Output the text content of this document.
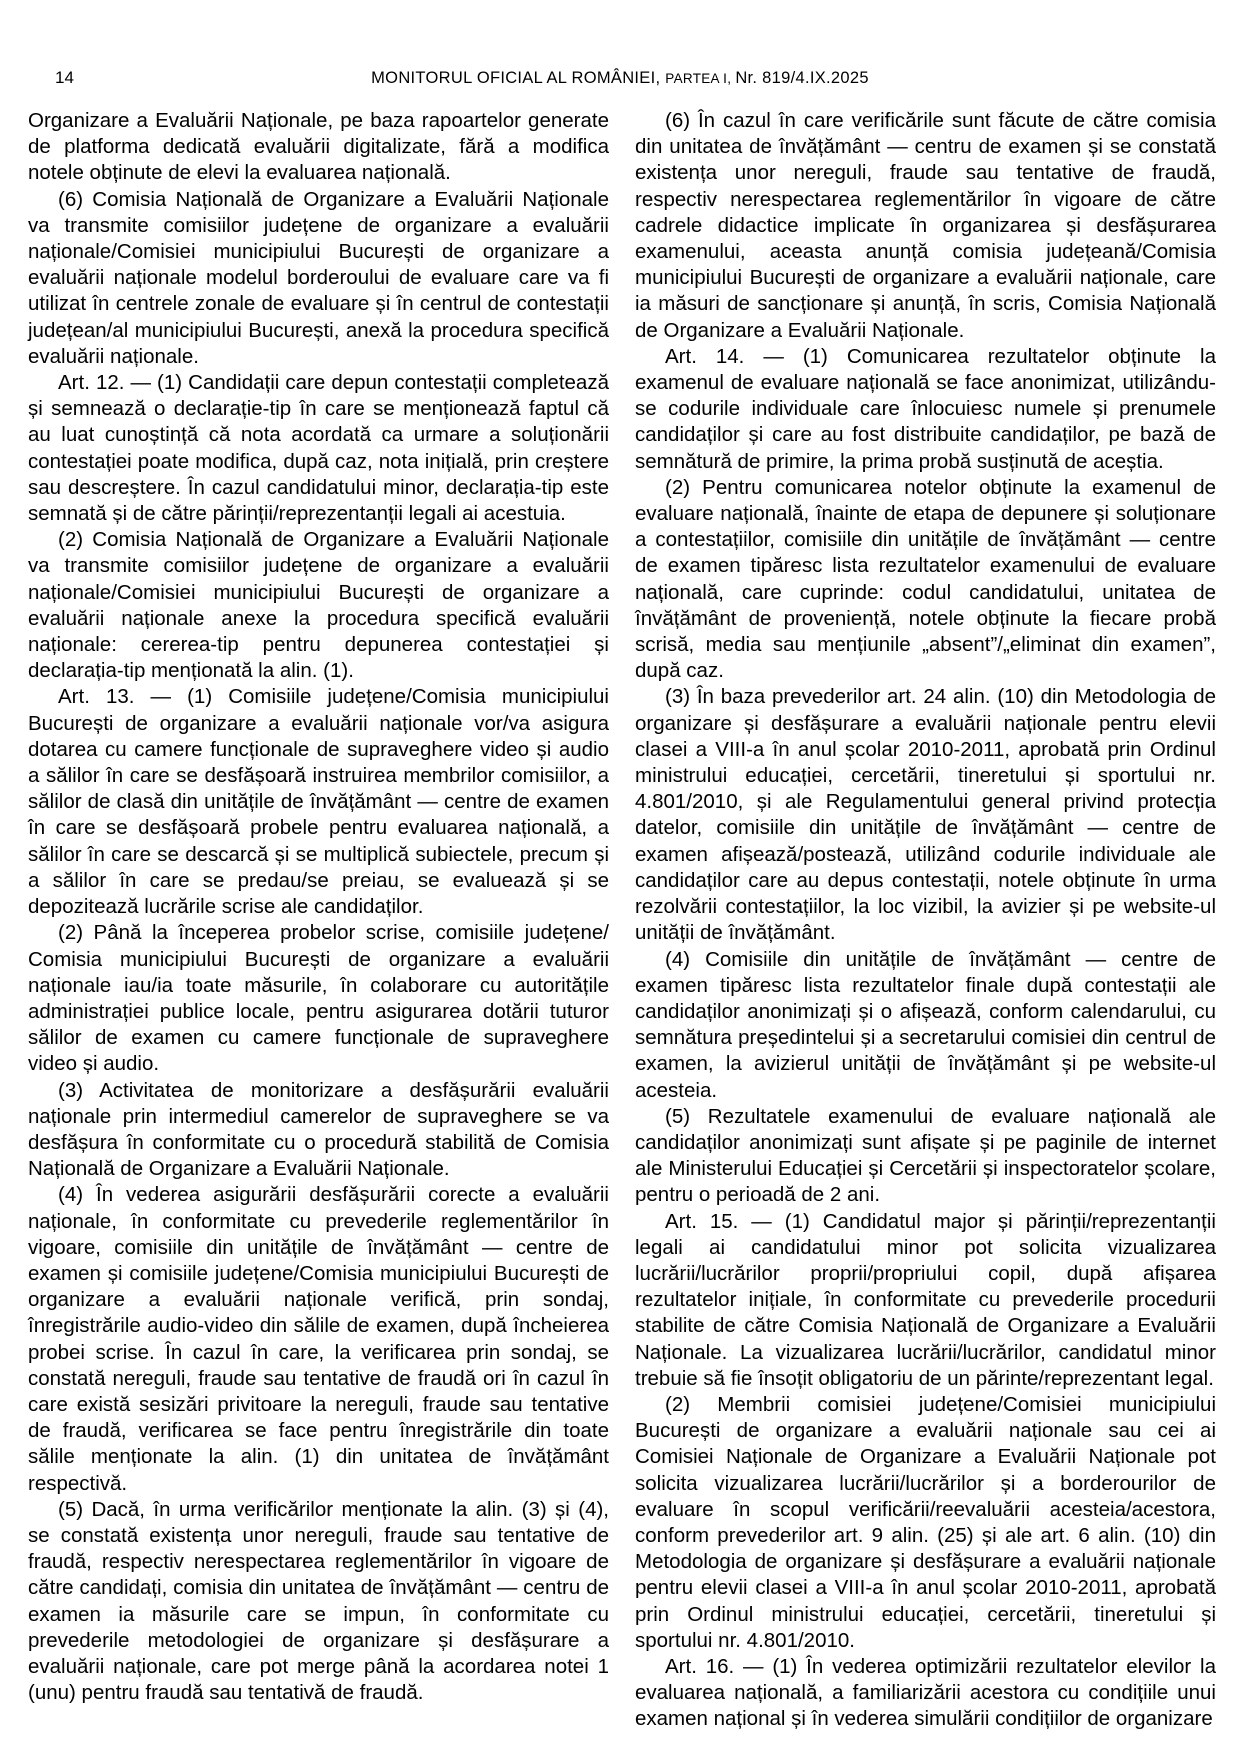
14	MONITORUL OFICIAL AL ROMÂNIEI, PARTEA I, Nr. 819/4.IX.2025

Organizare a Evaluării Naționale, pe baza rapoartelor generate de platforma dedicată evaluării digitalizate, fără a modifica notele obținute de elevi la evaluarea națională.

(6) Comisia Națională de Organizare a Evaluării Naționale va transmite comisiilor județene de organizare a evaluării naționale/Comisiei municipiului București de organizare a evaluării naționale modelul borderoului de evaluare care va fi utilizat în centrele zonale de evaluare și în centrul de contestații județean/al municipiului București, anexă la procedura specifică evaluării naționale.

Art. 12. — (1) Candidații care depun contestații completează și semnează o declarație-tip în care se menționează faptul că au luat cunoștință că nota acordată ca urmare a soluționării contestației poate modifica, după caz, nota inițială, prin creștere sau descreștere. În cazul candidatului minor, declarația-tip este semnată și de către părinții/reprezentanții legali ai acestuia.

(2) Comisia Națională de Organizare a Evaluării Naționale va transmite comisiilor județene de organizare a evaluării naționale/Comisiei municipiului București de organizare a evaluării naționale anexe la procedura specifică evaluării naționale: cererea-tip pentru depunerea contestației și declarația-tip menționată la alin. (1).

Art. 13. — (1) Comisiile județene/Comisia municipiului București de organizare a evaluării naționale vor/va asigura dotarea cu camere funcționale de supraveghere video și audio a sălilor în care se desfășoară instruirea membrilor comisiilor, a sălilor de clasă din unitățile de învățământ — centre de examen în care se desfășoară probele pentru evaluarea națională, a sălilor în care se descarcă și se multiplică subiectele, precum și a sălilor în care se predau/se preiau, se evaluează și se depozitează lucrările scrise ale candidaților.

(2) Până la începerea probelor scrise, comisiile județene/ Comisia municipiului București de organizare a evaluării naționale iau/ia toate măsurile, în colaborare cu autoritățile administrației publice locale, pentru asigurarea dotării tuturor sălilor de examen cu camere funcționale de supraveghere video și audio.

(3) Activitatea de monitorizare a desfășurării evaluării naționale prin intermediul camerelor de supraveghere se va desfășura în conformitate cu o procedură stabilită de Comisia Națională de Organizare a Evaluării Naționale.

(4) În vederea asigurării desfășurării corecte a evaluării naționale, în conformitate cu prevederile reglementărilor în vigoare, comisiile din unitățile de învățământ — centre de examen și comisiile județene/Comisia municipiului București de organizare a evaluării naționale verifică, prin sondaj, înregistrările audio-video din sălile de examen, după încheierea probei scrise. În cazul în care, la verificarea prin sondaj, se constată nereguli, fraude sau tentative de fraudă ori în cazul în care există sesizări privitoare la nereguli, fraude sau tentative de fraudă, verificarea se face pentru înregistrările din toate sălile menționate la alin. (1) din unitatea de învățământ respectivă.

(5) Dacă, în urma verificărilor menționate la alin. (3) și (4), se constată existența unor nereguli, fraude sau tentative de fraudă, respectiv nerespectarea reglementărilor în vigoare de către candidați, comisia din unitatea de învățământ — centru de examen ia măsurile care se impun, în conformitate cu prevederile metodologiei de organizare și desfășurare a evaluării naționale, care pot merge până la acordarea notei 1 (unu) pentru fraudă sau tentativă de fraudă.

(6) În cazul în care verificările sunt făcute de către comisia din unitatea de învățământ — centru de examen și se constată existența unor nereguli, fraude sau tentative de fraudă, respectiv nerespectarea reglementărilor în vigoare de către cadrele didactice implicate în organizarea și desfășurarea examenului, aceasta anunță comisia județeană/Comisia municipiului București de organizare a evaluării naționale, care ia măsuri de sancționare și anunță, în scris, Comisia Națională de Organizare a Evaluării Naționale.

Art. 14. — (1) Comunicarea rezultatelor obținute la examenul de evaluare națională se face anonimizat, utilizându-se codurile individuale care înlocuiesc numele și prenumele candidaților și care au fost distribuite candidaților, pe bază de semnătură de primire, la prima probă susținută de aceștia.

(2) Pentru comunicarea notelor obținute la examenul de evaluare națională, înainte de etapa de depunere și soluționare a contestațiilor, comisiile din unitățile de învățământ — centre de examen tipăresc lista rezultatelor examenului de evaluare națională, care cuprinde: codul candidatului, unitatea de învățământ de proveniență, notele obținute la fiecare probă scrisă, media sau mențiunile „absent”/„eliminat din examen”, după caz.

(3) În baza prevederilor art. 24 alin. (10) din Metodologia de organizare și desfășurare a evaluării naționale pentru elevii clasei a VIII-a în anul școlar 2010-2011, aprobată prin Ordinul ministrului educației, cercetării, tineretului și sportului nr. 4.801/2010, și ale Regulamentului general privind protecția datelor, comisiile din unitățile de învățământ — centre de examen afișează/postează, utilizând codurile individuale ale candidaților care au depus contestații, notele obținute în urma rezolvării contestațiilor, la loc vizibil, la avizier și pe website-ul unității de învățământ.

(4) Comisiile din unitățile de învățământ — centre de examen tipăresc lista rezultatelor finale după contestații ale candidaților anonimizați și o afișează, conform calendarului, cu semnătura președintelui și a secretarului comisiei din centrul de examen, la avizierul unității de învățământ și pe website-ul acesteia.

(5) Rezultatele examenului de evaluare națională ale candidaților anonimizați sunt afișate și pe paginile de internet ale Ministerului Educației și Cercetării și inspectoratelor școlare, pentru o perioadă de 2 ani.

Art. 15. — (1) Candidatul major și părinții/reprezentanții legali ai candidatului minor pot solicita vizualizarea lucrării/lucrărilor proprii/propriului copil, după afișarea rezultatelor inițiale, în conformitate cu prevederile procedurii stabilite de către Comisia Națională de Organizare a Evaluării Naționale. La vizualizarea lucrării/lucrărilor, candidatul minor trebuie să fie însoțit obligatoriu de un părinte/reprezentant legal.

(2) Membrii comisiei județene/Comisiei municipiului București de organizare a evaluării naționale sau cei ai Comisiei Naționale de Organizare a Evaluării Naționale pot solicita vizualizarea lucrării/lucrărilor și a borderourilor de evaluare în scopul verificării/reevaluării acesteia/acestora, conform prevederilor art. 9 alin. (25) și ale art. 6 alin. (10) din Metodologia de organizare și desfășurare a evaluării naționale pentru elevii clasei a VIII-a în anul școlar 2010-2011, aprobată prin Ordinul ministrului educației, cercetării, tineretului și sportului nr. 4.801/2010.

Art. 16. — (1) În vederea optimizării rezultatelor elevilor la evaluarea națională, a familiarizării acestora cu condițiile unui examen național și în vederea simulării condițiilor de organizare
